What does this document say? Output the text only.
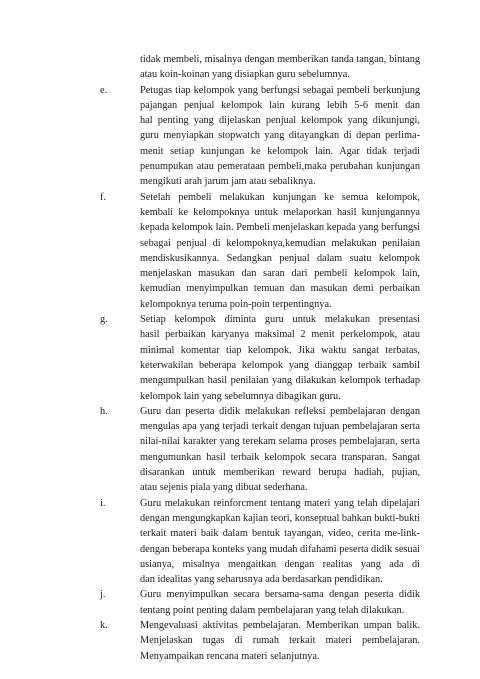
tidak membeli, misalnya dengan memberikan tanda tangan, bintang
atau koin-koinan yang disiapkan guru sebelumnya.
e.	Petugas tiap kelompok yang berfungsi sebagai pembeli berkunjung
pajangan penjual kelompok lain kurang lebih 5-6 menit dan
hal penting yang dijelaskan penjual kelompok yang dikunjungi,
guru menyiapkan stopwatch yang ditayangkan di depan perlima-
menit setiap kunjungan ke kelompok lain. Agar tidak terjadi
penumpukan atau pemerataan pembeli,maka perubahan kunjungan
mengikuti arah jarum jam atau sebaliknya.
f.	Setelah pembeli melakukan kunjungan ke semua kelompok,
kembali ke kelompoknya untuk melaporkan hasil kunjungannya
kepada kelompok lain. Pembeli menjelaskan kepada yang berfungsi
sebagai penjual di kelompoknya,kemudian melakukan penilaian
mendiskusikannya. Sedangkan penjual dalam suatu kelompok
menjelaskan masukan dan saran dari pembeli kelompok lain,
kemudian menyimpulkan temuan dan masukan demi perbaikan
kelompoknya teruma poin-poin terpentingnya.
g.	Setiap kelompok diminta guru untuk melakukan presentasi
hasil perbaikan karyanya maksimal 2 menit perkelompok, atau
minimal komentar tiap kelompok. Jika waktu sangat terbatas,
keterwakilan beberapa kelompok yang dianggap terbaik sambil
mengumpulkan hasil penilaian yang dilakukan kelompok terhadap
kelompok lain yang sebelumnya dibagikan guru.
h.	Guru dan peserta didik melakukan refleksi pembelajaran dengan
mengulas apa yang terjadi terkait dengan tujuan pembelajaran serta
nilai-nilai karakter yang terekam selama proses pembelajaran, serta
mengumunkan hasil terbaik kelompok secara transparan. Sangat
disarankan untuk memberikan reward berupa hadiah, pujian,
atau sejenis piala yang dibuat sederhana.
i.	Guru melakukan reinforcment tentang materi yang telah dipelajari
dengan mengungkapkan kajian teori, konseptual bahkan bukti-bukti
terkait materi baik dalam bentuk tayangan, video, cerita me-link-
dengan beberapa konteks yang mudah difahami peserta didik sesuai
usianya, misalnya mengaitkan dengan realitas yang ada di
dan idealitas yang seharusnya ada berdasarkan pendidikan.
j.	Guru menyimpulkan secara bersama-sama dengan peserta didik
tentang point penting dalam pembelajaran yang telah dilakukan.
k.	Mengevaluasi aktivitas pembelajaran. Memberikan umpan balik.
Menjelaskan tugas di rumah terkait materi pembelajaran.
Menyampaikan rencana materi selanjutnya.
